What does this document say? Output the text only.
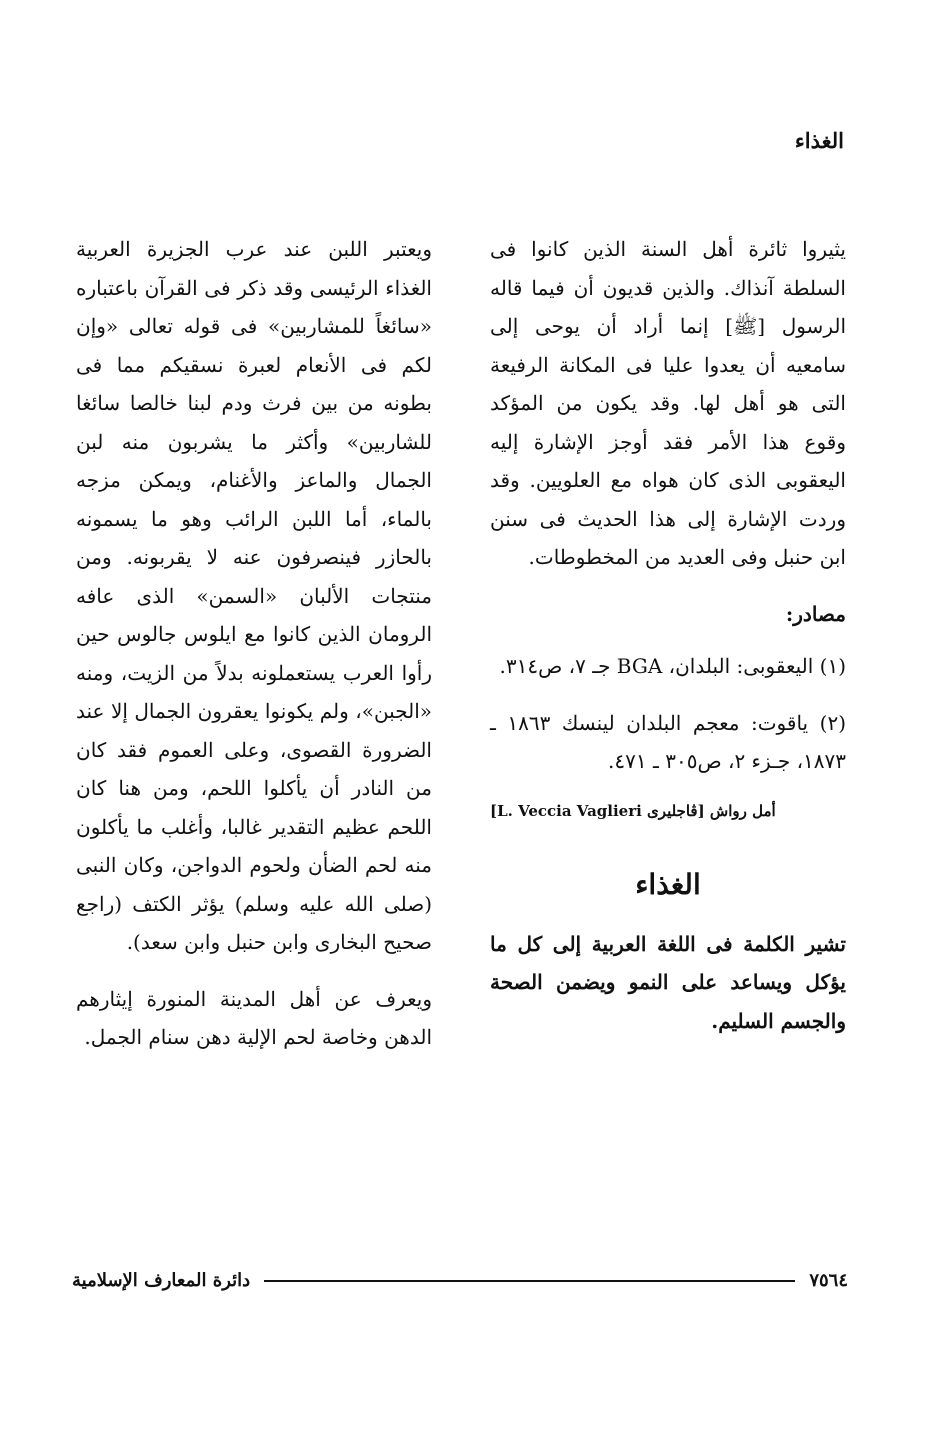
الغذاء

يثيروا ثائرة أهل السنة الذين كانوا فى السلطة آنذاك. والذين قديون أن فيما قاله الرسول [ﷺ] إنما أراد أن يوحى إلى سامعيه أن يعدوا عليا فى المكانة الرفيعة التى هو أهل لها. وقد يكون من المؤكد وقوع هذا الأمر فقد أوجز الإشارة إليه اليعقوبى الذى كان هواه مع العلويين. وقد وردت الإشارة إلى هذا الحديث فى سنن ابن حنبل وفى العديد من المخطوطات.

مصادر:
(١) اليعقوبى: البلدان، BGA جـ ٧، ص٣١٤.
(٢) ياقوت: معجم البلدان لينسك ١٨٦٣ ـ ١٨٧٣، جـزء ٢، ص٣٠٥ ـ ٤٧١.
أمل رواش [ڤاجليرى L. Veccia Vaglieri]
الغذاء

تشير الكلمة فى اللغة العربية إلى كل ما يؤكل ويساعد على النمو ويضمن الصحة والجسم السليم.

ويعتبر اللبن عند عرب الجزيرة العربية الغذاء الرئيسى وقد ذكر فى القرآن باعتباره «سائغاً للمشاربين» فى قوله تعالى «وإن لكم فى الأنعام لعبرة نسقيكم مما فى بطونه من بين فرث ودم لبنا خالصا سائغا للشاربين» وأكثر ما يشربون منه لبن الجمال والماعز والأغنام، ويمكن مزجه بالماء، أما اللبن الرائب وهو ما يسمونه بالحازر فينصرفون عنه لا يقربونه. ومن منتجات الألبان «السمن» الذى عافه الرومان الذين كانوا مع ايلوس جالوس حين رأوا العرب يستعملونه بدلاً من الزيت، ومنه «الجبن»، ولم يكونوا يعقرون الجمال إلا عند الضرورة القصوى، وعلى العموم فقد كان من النادر أن يأكلوا اللحم، ومن هنا كان اللحم عظيم التقدير غالبا، وأغلب ما يأكلون منه لحم الضأن ولحوم الدواجن، وكان النبى (صلى الله عليه وسلم) يؤثر الكتف (راجع صحيح البخارى وابن حنبل وابن سعد).

ويعرف عن أهل المدينة المنورة إيثارهم الدهن وخاصة لحم الإلية دهن سنام الجمل.

٧٥٦٤
دائرة المعارف الإسلامية
